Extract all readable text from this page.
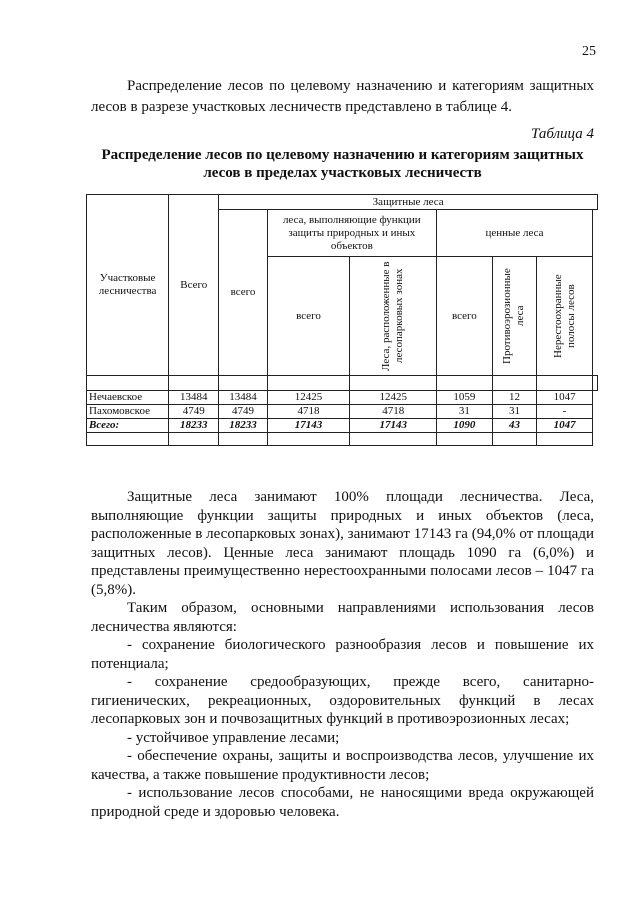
25

Распределение лесов по целевому назначению и категориям защитных лесов в разрезе участковых лесничеств представлено в таблице 4.

Таблица 4

Распределение лесов по целевому назначению и категориям защитных лесов в пределах участковых лесничеств

Участковые лесничества	Всего	Защитные леса						
		всего	леса, выполняющие функции защиты природных и иных объектов		ценные леса			
			всего	Леса, расположенные в лесопарковых зонах	всего	Противоэрозионные леса	Нерестоохранные полосы лесов	

Нечаевское	13484	13484	12425	12425	1059	12	1047	
Пахомовское	4749	4749	4718	4718	31	31	-	
Всего:	18233	18233	17143	17143	1090	43	1047	

Защитные леса занимают 100% площади лесничества. Леса, выполняющие функции защиты природных и иных объектов (леса, расположенные в лесопарковых зонах), занимают 17143 га (94,0% от площади защитных лесов). Ценные леса занимают площадь 1090 га (6,0%) и представлены преимущественно нерестоохранными полосами лесов – 1047 га (5,8%).

Таким образом, основными направлениями использования лесов лесничества являются:

- сохранение биологического разнообразия лесов и повышение их потенциала;

- сохранение средообразующих, прежде всего, санитарно-гигиенических, рекреационных, оздоровительных функций в лесах лесопарковых зон и почвозащитных функций в противоэрозионных лесах;

- устойчивое управление лесами;

- обеспечение охраны, защиты и воспроизводства лесов, улучшение их качества, а также повышение продуктивности лесов;

- использование лесов способами, не наносящими вреда окружающей природной среде и здоровью человека.
